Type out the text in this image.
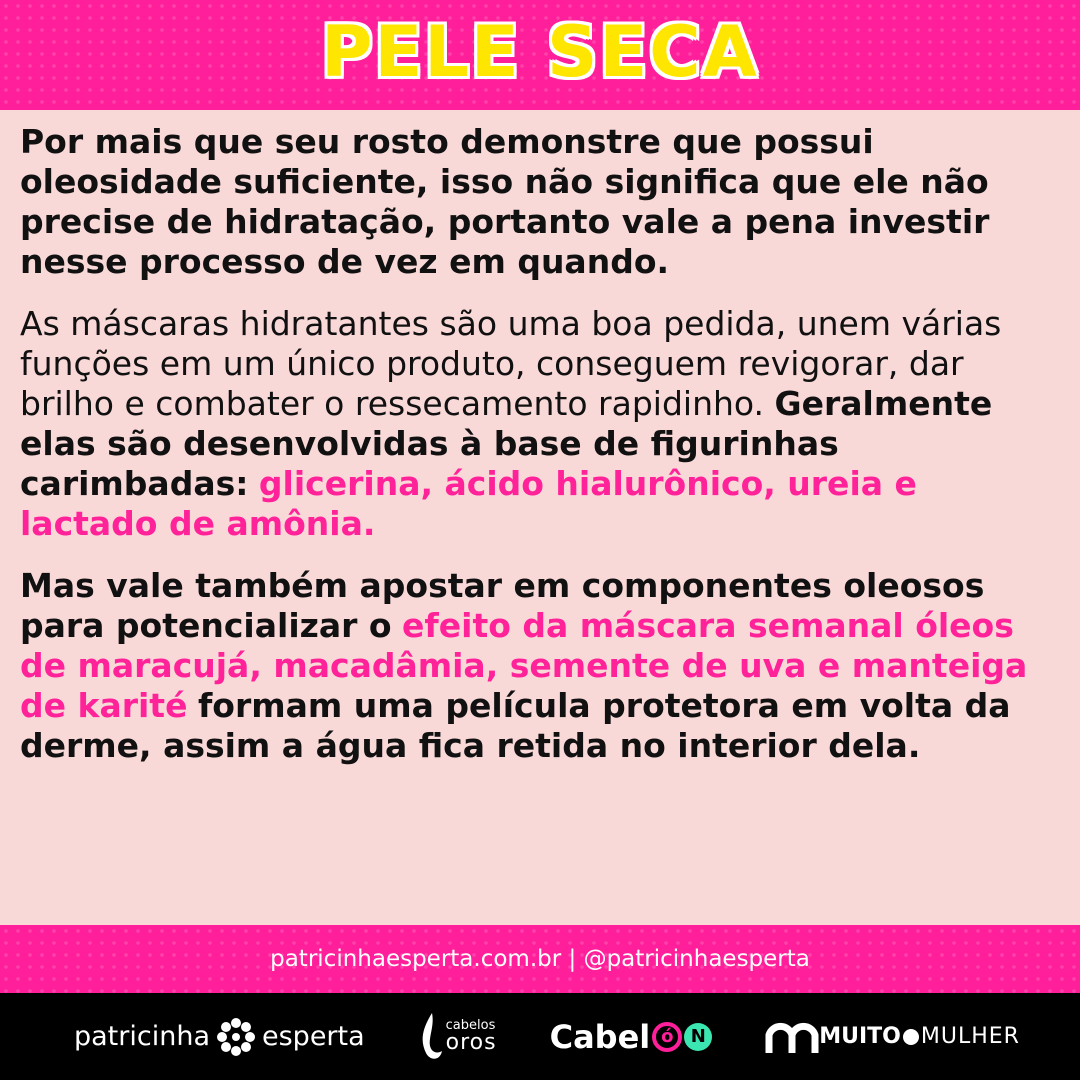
PELE SECA

Por mais que seu rosto demonstre que possui oleosidade suficiente, isso não significa que ele não precise de hidratação, portanto vale a pena investir nesse processo de vez em quando.

As máscaras hidratantes são uma boa pedida, unem várias funções em um único produto, conseguem revigorar, dar brilho e combater o ressecamento rapidinho. Geralmente elas são desenvolvidas à base de figurinhas carimbadas: glicerina, ácido hialurônico, ureia e lactado de amônia.

Mas vale também apostar em componentes oleosos para potencializar o efeito da máscara semanal óleos de maracujá, macadâmia, semente de uva e manteiga de karité formam uma película protetora em volta da derme, assim a água fica retida no interior dela.

patricinhaesperta.com.br | @patricinhaesperta
patricinha esperta	cabelos
oros Cabel ó N	MUITO MULHER
